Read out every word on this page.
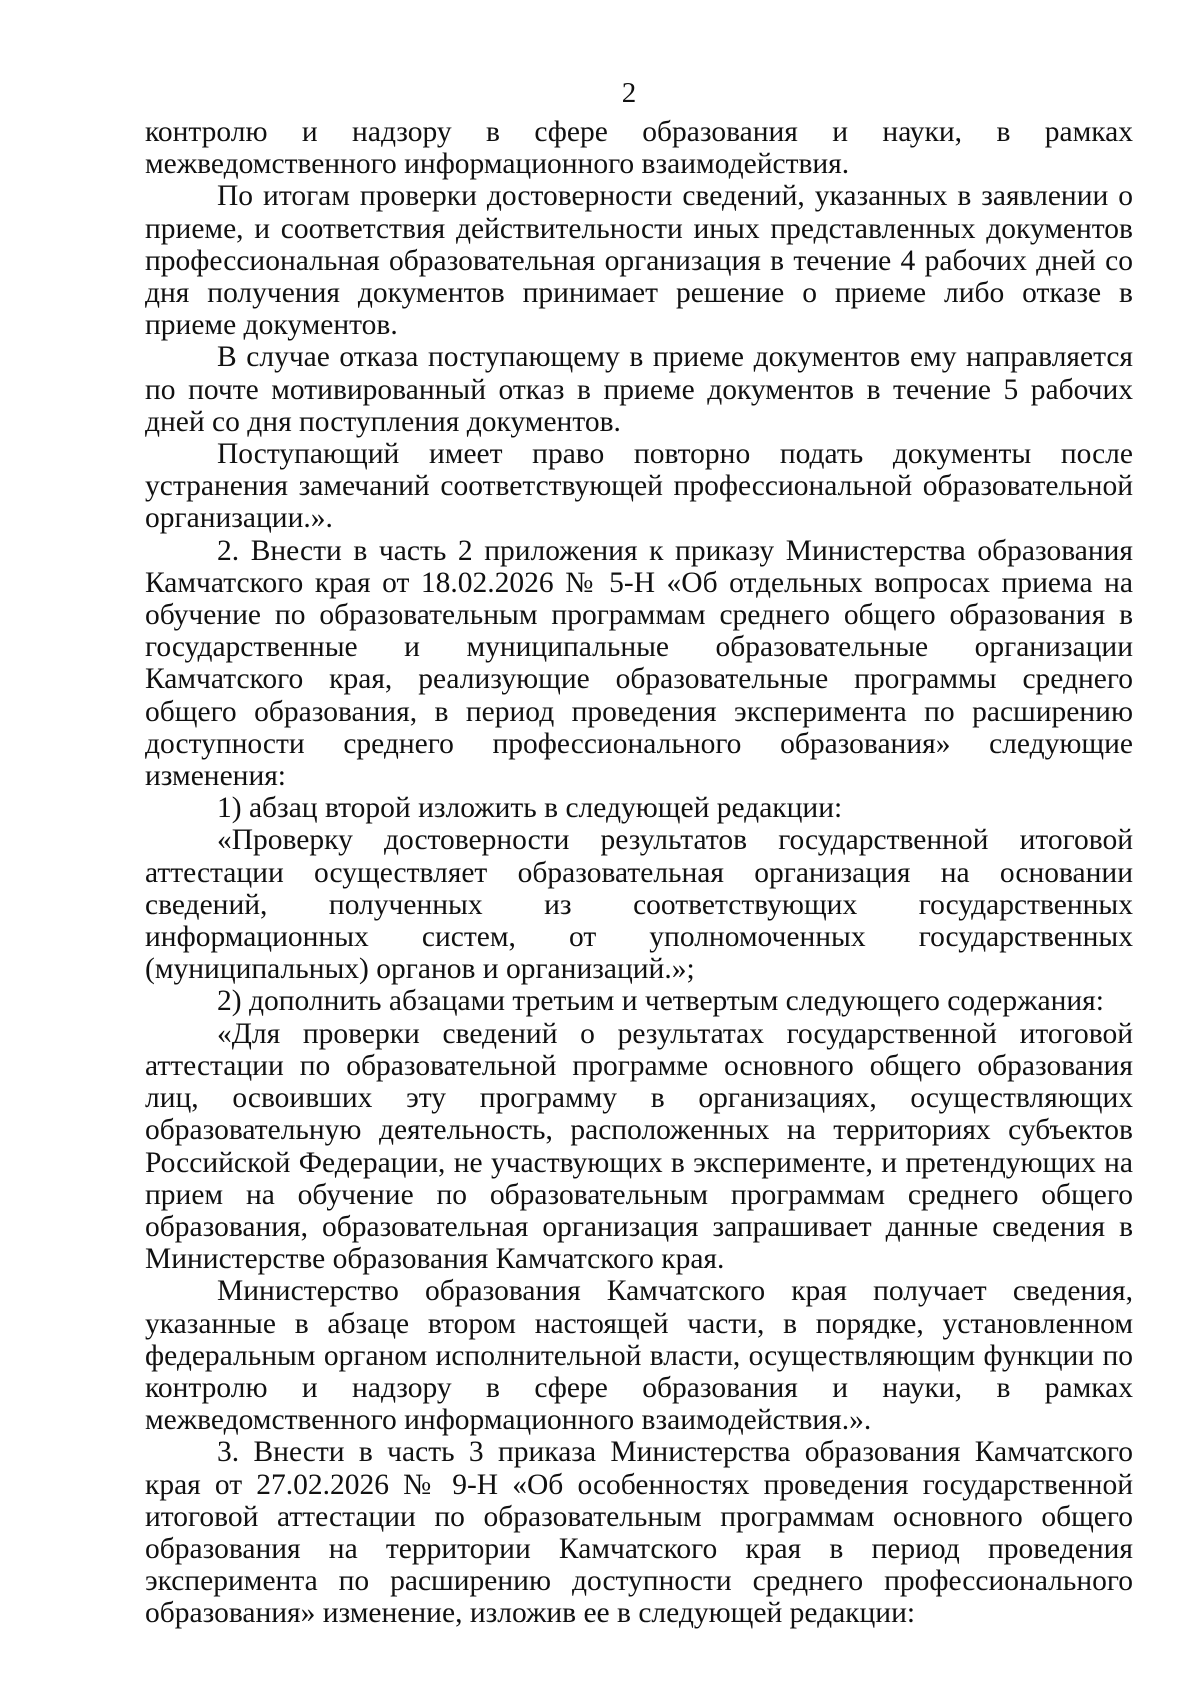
2

контролю и надзору в сфере образования и науки, в рамках межведомственного информационного взаимодействия.

По итогам проверки достоверности сведений, указанных в заявлении о приеме, и соответствия действительности иных представленных документов профессиональная образовательная организация в течение 4 рабочих дней со дня получения документов принимает решение о приеме либо отказе в приеме документов.

В случае отказа поступающему в приеме документов ему направляется по почте мотивированный отказ в приеме документов в течение 5 рабочих дней со дня поступления документов.

Поступающий имеет право повторно подать документы после устранения замечаний соответствующей профессиональной образовательной организации.».

2. Внести в часть 2 приложения к приказу Министерства образования Камчатского края от 18.02.2026 № 5-Н «Об отдельных вопросах приема на обучение по образовательным программам среднего общего образования в государственные и муниципальные образовательные организации Камчатского края, реализующие образовательные программы среднего общего образования, в период проведения эксперимента по расширению доступности среднего профессионального образования» следующие изменения:

1) абзац второй изложить в следующей редакции:

«Проверку достоверности результатов государственной итоговой аттестации осуществляет образовательная организация на основании сведений, полученных из соответствующих государственных информационных систем, от уполномоченных государственных (муниципальных) органов и организаций.»;

2) дополнить абзацами третьим и четвертым следующего содержания:

«Для проверки сведений о результатах государственной итоговой аттестации по образовательной программе основного общего образования лиц, освоивших эту программу в организациях, осуществляющих образовательную деятельность, расположенных на территориях субъектов Российской Федерации, не участвующих в эксперименте, и претендующих на прием на обучение по образовательным программам среднего общего образования, образовательная организация запрашивает данные сведения в Министерстве образования Камчатского края.

Министерство образования Камчатского края получает сведения, указанные в абзаце втором настоящей части, в порядке, установленном федеральным органом исполнительной власти, осуществляющим функции по контролю и надзору в сфере образования и науки, в рамках межведомственного информационного взаимодействия.».

3. Внести в часть 3 приказа Министерства образования Камчатского края от 27.02.2026 № 9-Н «Об особенностях проведения государственной итоговой аттестации по образовательным программам основного общего образования на территории Камчатского края в период проведения эксперимента по расширению доступности среднего профессионального образования» изменение, изложив ее в следующей редакции:
